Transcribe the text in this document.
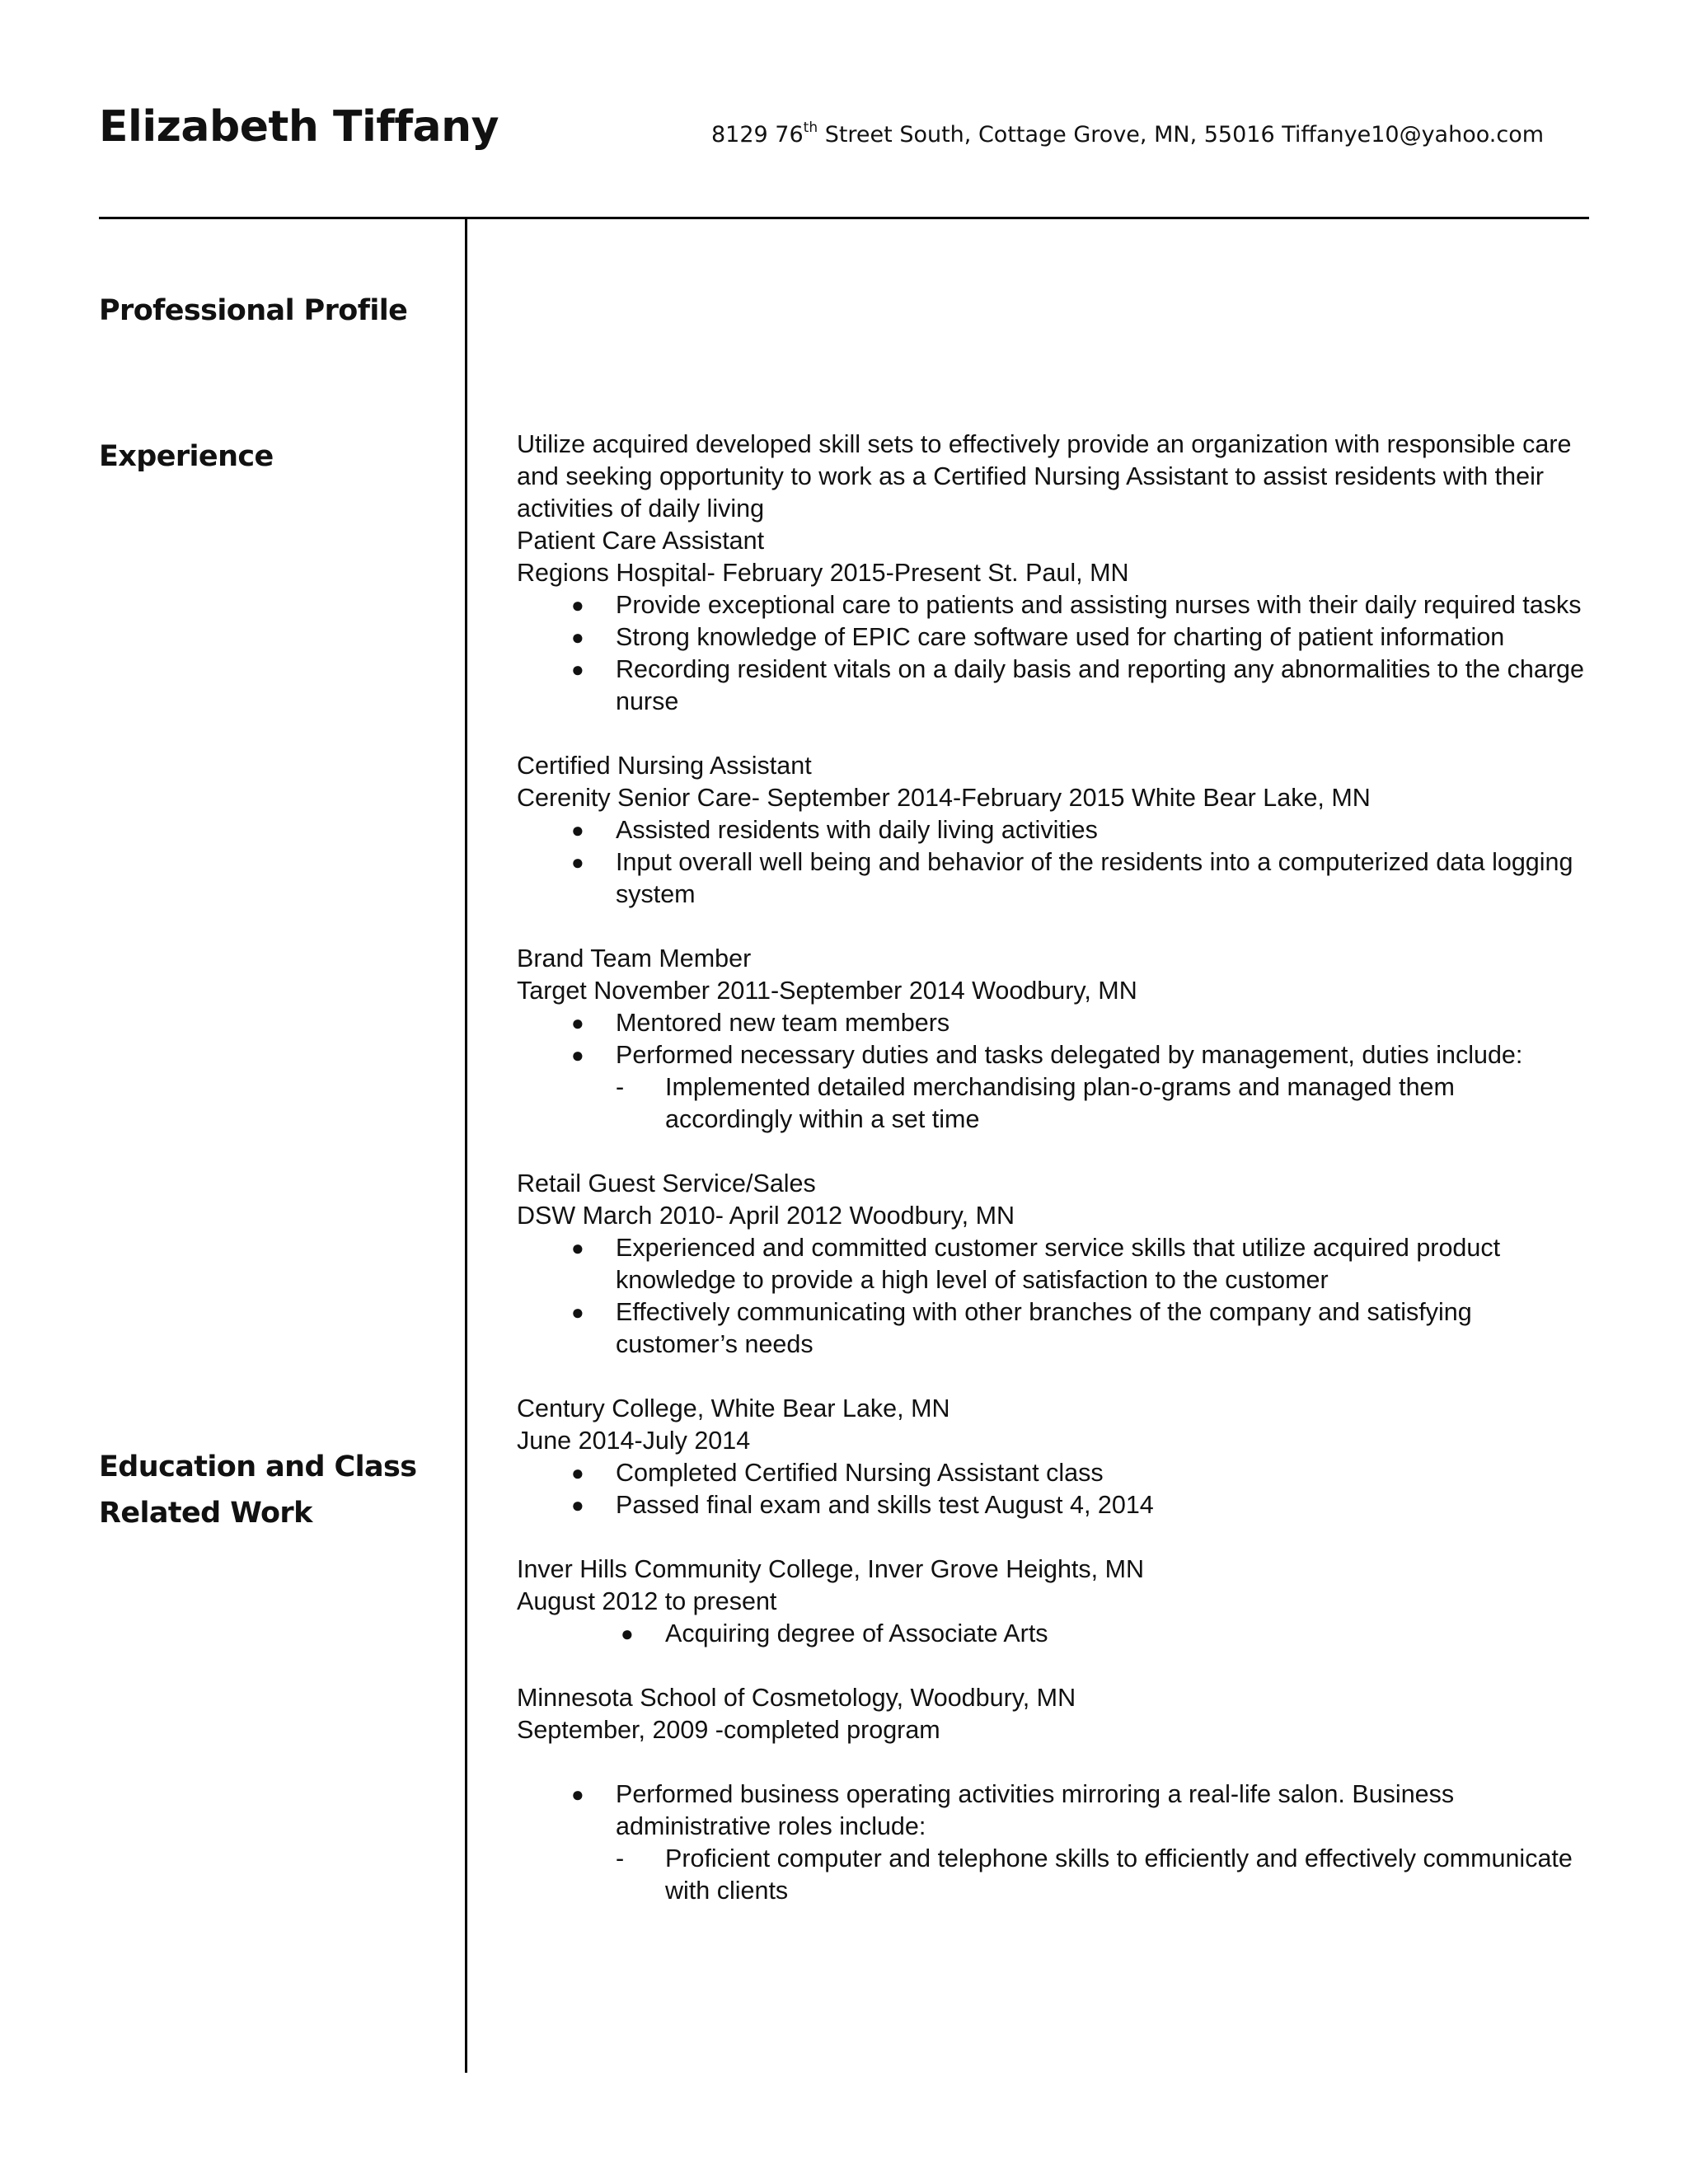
Elizabeth Tiffany	8129 76th Street South, Cottage Grove, MN, 55016 Tiffanye10@yahoo.com
Professional Profile
Experience
Education and Class
Related Work

Utilize acquired developed skill sets to effectively provide an organization with responsible care and seeking opportunity to work as a Certified Nursing Assistant to assist residents with their activities of daily living

Patient Care Assistant

Regions Hospital- February 2015-Present St. Paul, MN

● Provide exceptional care to patients and assisting nurses with their daily required tasks
● Strong knowledge of EPIC care software used for charting of patient information
● Recording resident vitals on a daily basis and reporting any abnormalities to the charge nurse

Certified Nursing Assistant

Cerenity Senior Care- September 2014-February 2015 White Bear Lake, MN

● Assisted residents with daily living activities
● Input overall well being and behavior of the residents into a computerized data logging system

Brand Team Member

Target November 2011-September 2014 Woodbury, MN

● Mentored new team members
● Performed necessary duties and tasks delegated by management, duties include:
- Implemented detailed merchandising plan-o-grams and managed them accordingly within a set time

Retail Guest Service/Sales

DSW March 2010- April 2012 Woodbury, MN

● Experienced and committed customer service skills that utilize acquired product knowledge to provide a high level of satisfaction to the customer
● Effectively communicating with other branches of the company and satisfying customer’s needs

Century College, White Bear Lake, MN

June 2014-July 2014

● Completed Certified Nursing Assistant class
● Passed final exam and skills test August 4, 2014

Inver Hills Community College, Inver Grove Heights, MN

August 2012 to present

● Acquiring degree of Associate Arts

Minnesota School of Cosmetology, Woodbury, MN

September, 2009 -completed program

● Performed business operating activities mirroring a real-life salon. Business administrative roles include:
- Proficient computer and telephone skills to efficiently and effectively communicate with clients
